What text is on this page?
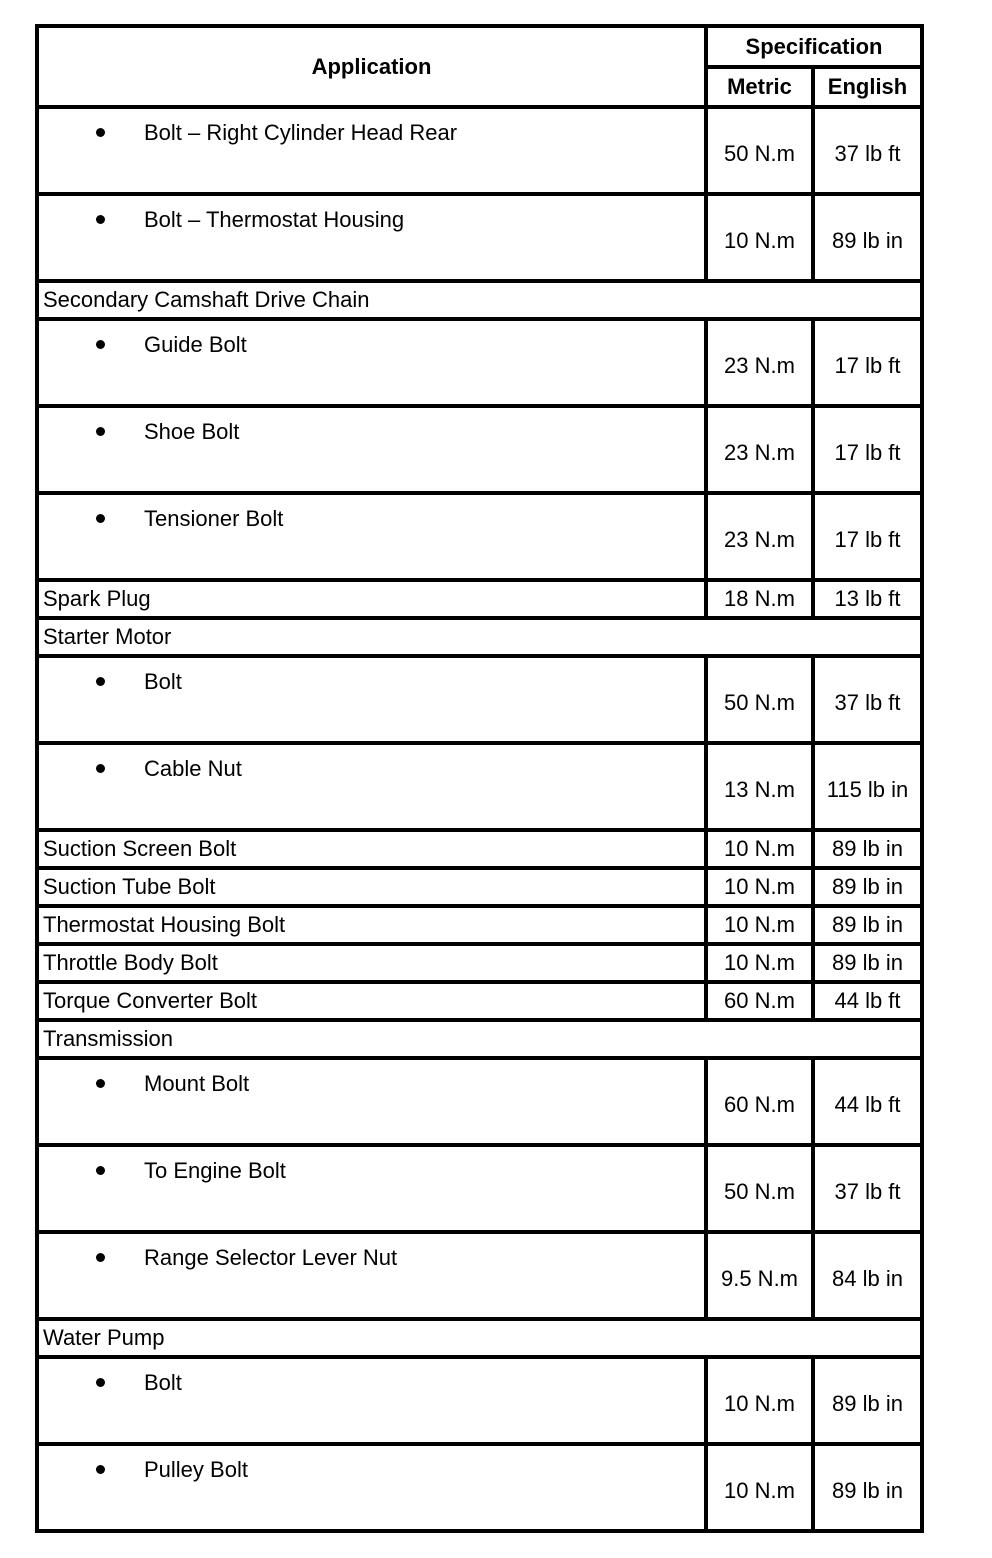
Application	Specification	
	Metric	English

Bolt – Right Cylinder Head Rear	50 N.m	37 lb ft

Bolt – Thermostat Housing	10 N.m	89 lb in
Secondary Camshaft Drive Chain		

Guide Bolt	23 N.m	17 lb ft

Shoe Bolt	23 N.m	17 lb ft

Tensioner Bolt	23 N.m	17 lb ft
Spark Plug	18 N.m	13 lb ft
Starter Motor		

Bolt	50 N.m	37 lb ft

Cable Nut	13 N.m	115 lb in
Suction Screen Bolt	10 N.m	89 lb in
Suction Tube Bolt	10 N.m	89 lb in
Thermostat Housing Bolt	10 N.m	89 lb in
Throttle Body Bolt	10 N.m	89 lb in
Torque Converter Bolt	60 N.m	44 lb ft
Transmission		

Mount Bolt	60 N.m	44 lb ft

To Engine Bolt	50 N.m	37 lb ft

Range Selector Lever Nut	9.5 N.m	84 lb in
Water Pump		

Bolt	10 N.m	89 lb in

Pulley Bolt	10 N.m	89 lb in
